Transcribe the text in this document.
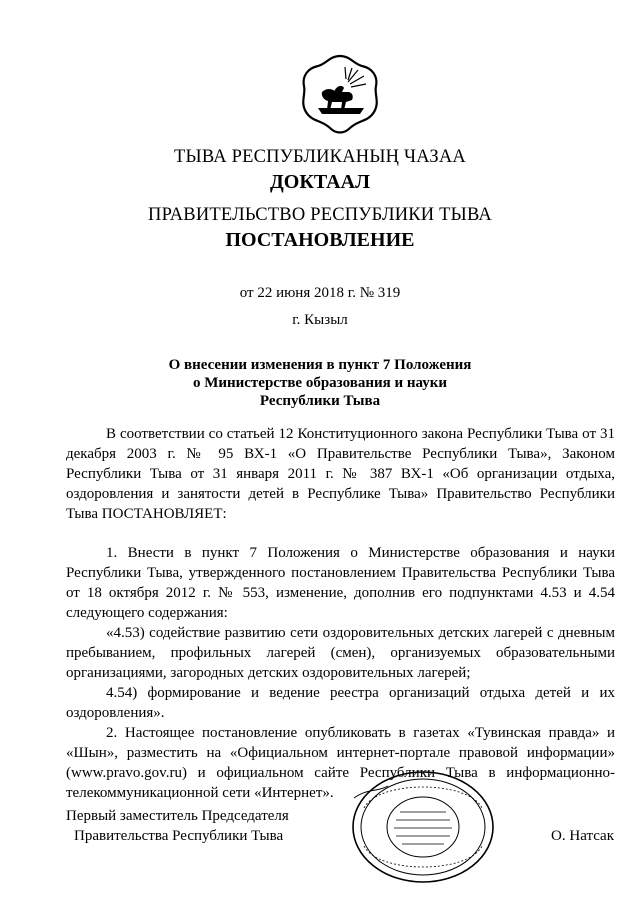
ТЫВА РЕСПУБЛИКАНЫҢ ЧАЗАА
ДОКТААЛ
ПРАВИТЕЛЬСТВО РЕСПУБЛИКИ ТЫВА
ПОСТАНОВЛЕНИЕ
от 22 июня 2018 г. № 319
г. Кызыл
О внесении изменения в пункт 7 Положения
о Министерстве образования и науки
Республики Тыва

В соответствии со статьей 12 Конституционного закона Республики Тыва от 31 декабря 2003 г. № 95 ВХ-1 «О Правительстве Республики Тыва», Законом Республики Тыва от 31 января 2011 г. № 387 ВХ-1 «Об организации отдыха, оздоровления и занятости детей в Республике Тыва» Правительство Республики Тыва ПОСТАНОВЛЯЕТ:

1. Внести в пункт 7 Положения о Министерстве образования и науки Республики Тыва, утвержденного постановлением Правительства Республики Тыва от 18 октября 2012 г. № 553, изменение, дополнив его подпунктами 4.53 и 4.54 следующего содержания:

«4.53) содействие развитию сети оздоровительных детских лагерей с дневным пребыванием, профильных лагерей (смен), организуемых образовательными организациями, загородных детских оздоровительных лагерей;

4.54) формирование и ведение реестра организаций отдыха детей и их оздоровления».

2. Настоящее постановление опубликовать в газетах «Тувинская правда» и «Шын», разместить на «Официальном интернет-портале правовой информации» (www.pravo.gov.ru) и официальном сайте Республики Тыва в информационно-телекоммуникационной сети «Интернет».

Первый заместитель Председателя
Правительства Республики Тыва	О. Натсак
